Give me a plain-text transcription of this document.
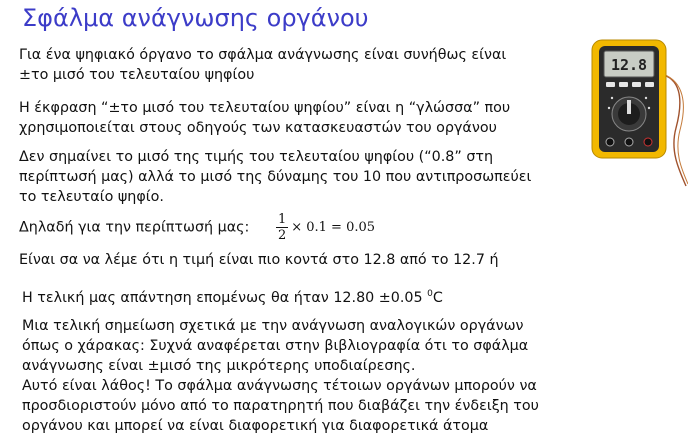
Σφάλμα ανάγνωσης οργάνου
Για ένα ψηφιακό όργανο το σφάλμα ανάγνωσης είναι συνήθως είναι
±το μισό του τελευταίου ψηφίου
Η έκφραση “±το μισό του τελευταίου ψηφίου” είναι η “γλώσσα” που
χρησιμοποιείται στους οδηγούς των κατασκευαστών του οργάνου
Δεν σημαίνει το μισό της τιμής του τελευταίου ψηφίου (“0.8” στη
περίπτωσή μας) αλλά το μισό της δύναμης του 10 που αντιπροσωπεύει
το τελευταίο ψηφίο.
Δηλαδή για την περίπτωσή μας: $\frac{1}{2} \times 0.1 = 0.05$
Είναι σα να λέμε ότι η τιμή είναι πιο κοντά στο 12.8 από το 12.7 ή
Η τελική μας απάντηση επομένως θα ήταν 12.80 ±0.05 $^0$C
Μια τελική σημείωση σχετικά με την ανάγνωση αναλογικών οργάνων
όπως ο χάρακας: Συχνά αναφέρεται στην βιβλιογραφία ότι το σφάλμα
ανάγνωσης είναι ±μισό της μικρότερης υποδιαίρεσης.
Αυτό είναι λάθος! Το σφάλμα ανάγνωσης τέτοιων οργάνων μπορούν να
προσδιοριστούν μόνο από το παρατηρητή που διαβάζει την ένδειξη του
οργάνου και μπορεί να είναι διαφορετική για διαφορετικά άτομα
12.8
